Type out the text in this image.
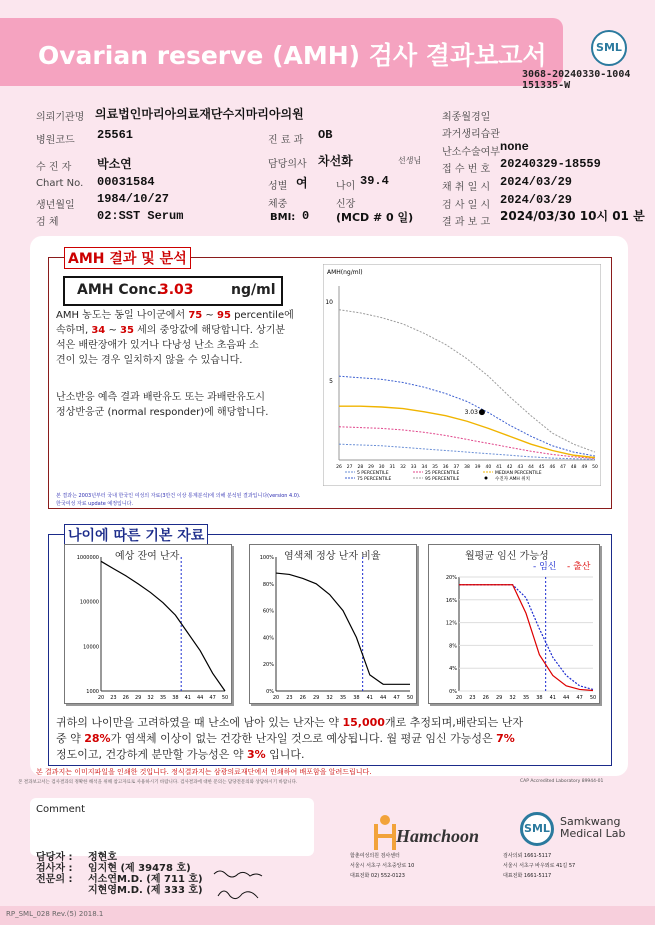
Ovarian reserve (AMH) 검사 결과보고서	SML
3068-20240330-1004
151335-W
의뢰기관명 의료법인마리아의료재단수지마리아의원
병원코드 25561	진 료 과 OB
수 진 자 박소연	담당의사 차선화	선생님
Chart No. 00031584	성별 여	나이 39.4
생년월일 1984/10/27	체중	신장
검 체	02:SST Serum	BMI: 0 (MCD # 0 일)
최종월경일
과거생리습관
난소수술여부 none
접 수 번 호 20240329-18559
채 취 일 시 2024/03/29
검 사 일 시 2024/03/29
결 과 보 고 2024/03/30 10시 01 분
AMH 결과 및 분석
AMH Conc.
3.03	ng/ml
AMH 농도는 동일 나이군에서 75 ~ 95 percentile에
속하며, 34 ~ 35 세의 중앙값에 해당합니다. 상기분
석은 배란장애가 있거나 다낭성 난소 초음파 소
견이 있는 경우 일치하지 않을 수 있습니다.
난소반응 예측 결과 배란유도 또는 과배란유도시
정상반응군 (normal responder)에 해당합니다.
본 결과는 2003년부터 국내 한국인 여성의 자료(3만건 이상 통계분석)에 의해 분석된 결과입니다(version 4.0).
한국여성 자료 update 예정입니다.
AMH(ng/ml)
5
10
26 27 28 29 30 31 32 33 34 35 36 37 38 39 40 41 42 43 44 45 46 47 48 49 50
3.03
5 PERCENTILE	25 PERCENTILE	MEDIAN PERCENTILE
75 PERCENTILE	95 PERCENTILE	수진자 AMH 위치
나이에 따른 기본 자료
예상 잔여 난자
1000000
100000
10000
1000
20 23 26 29 32 35 38 41 44 47 50
염색체 정상 난자 비율
0%
20%
40%
60%
80%
100%
20 23 26 29 32 35 38 41 44 47 50
월평균 임신 가능성
- 임신 - 출산
0%
4%
8%
12%
16%
20%
20 23 26 29 32 35 38 41 44 47 50
귀하의 나이만을 고려하였을 때 난소에 남아 있는 난자는 약 15,000개로 추정되며,배란되는 난자
중 약 28%가 염색체 이상이 없는 건강한 난자일 것으로 예상됩니다. 월 평균 임신 가능성은 7%
정도이고, 건강하게 분만할 가능성은 약 3% 입니다.
본 결과지는 이미지파일을 인쇄한 것입니다. 정식결과지는 삼광의료재단에서 인쇄하여 배포함을 알려드립니다.
본 결과보고서는 검사결과의 정확한 해석을 위해 참고자료로 사용하시기 바랍니다. 검사결과에 대한 문의는 담당전문의와 상담하시기 바랍니다.	CAP Accredited Laboratory 89944-01
Comment
담당자 : 정현호
검사자 : 임지현 (제 39478 호)
전문의 : 서소연M.D. (제 711 호)
지현영M.D. (제 333 호)
Hamchoon
함춘여성의원 검사센터
서울시 서초구 서초중앙로 10
대표전화 02) 552-0123
SML
Samkwang
Medical Lab
검사의뢰 1661-5117
서울시 서초구 바우뫼로 41길 57
대표전화 1661-5117
RP_SML_028 Rev.(5) 2018.1
